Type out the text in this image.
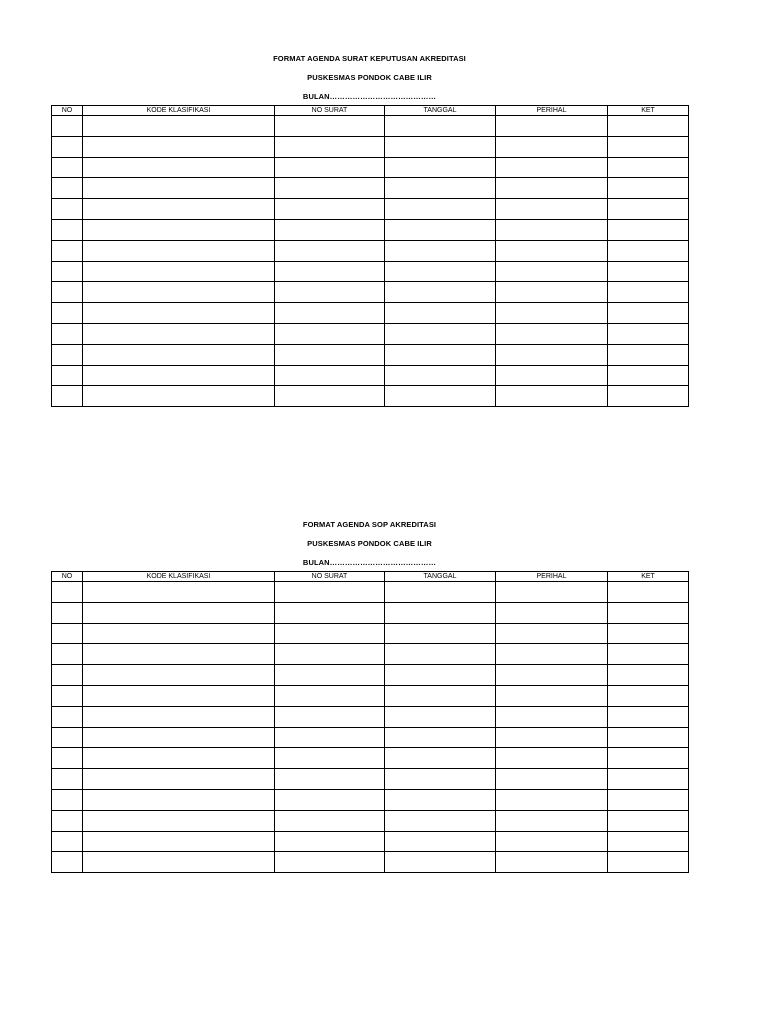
FORMAT AGENDA SURAT KEPUTUSAN AKREDITASI
PUSKESMAS PONDOK CABE ILIR
BULAN……………………………………
NO	KODE KLASIFIKASI	NO SURAT	TANGGAL	PERIHAL	KET

FORMAT AGENDA SOP AKREDITASI
PUSKESMAS PONDOK CABE ILIR
BULAN……………………………………
NO	KODE KLASIFIKASI	NO SURAT	TANGGAL	PERIHAL	KET
